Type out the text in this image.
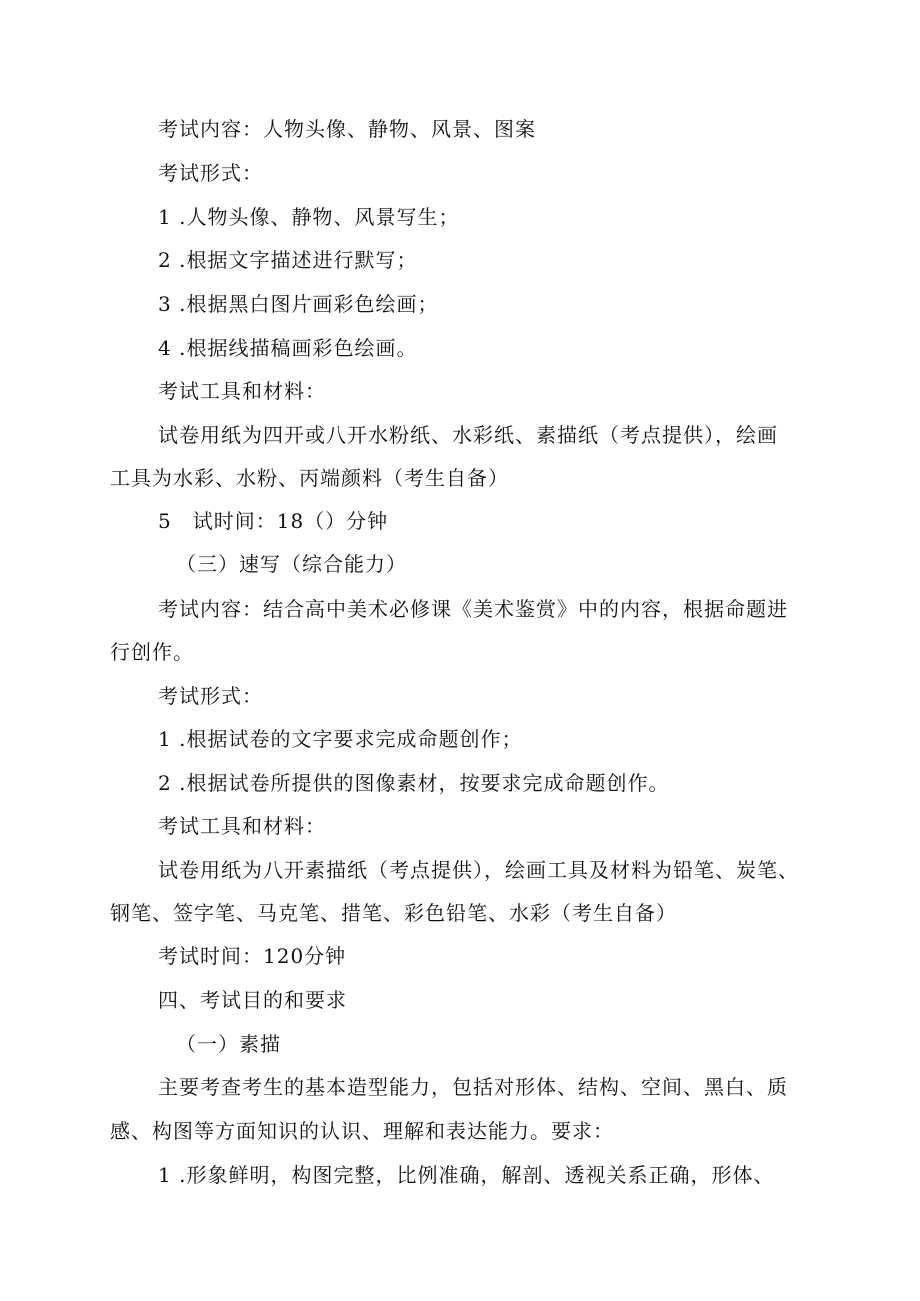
考试内容：人物头像、静物、风景、图案
考试形式：
1 .人物头像、静物、风景写生；
2 .根据文字描述进行默写；
3 .根据黑白图片画彩色绘画；
4 .根据线描稿画彩色绘画。
考试工具和材料：
试卷用纸为四开或八开水粉纸、水彩纸、素描纸（考点提供），绘画
工具为水彩、水粉、丙端颜料（考生自备）
5　试时间：18（）分钟
（三）速写（综合能力）
考试内容：结合高中美术必修课《美术鉴赏》中的内容，根据命题进
行创作。
考试形式：
1 .根据试卷的文字要求完成命题创作；
2 .根据试卷所提供的图像素材，按要求完成命题创作。
考试工具和材料：
试卷用纸为八开素描纸（考点提供），绘画工具及材料为铅笔、炭笔、
钢笔、签字笔、马克笔、措笔、彩色铅笔、水彩（考生自备）
考试时间：120分钟
四、考试目的和要求
（一）素描
主要考查考生的基本造型能力，包括对形体、结构、空间、黑白、质
感、构图等方面知识的认识、理解和表达能力。要求：
1 .形象鲜明，构图完整，比例准确，解剖、透视关系正确，形体、
